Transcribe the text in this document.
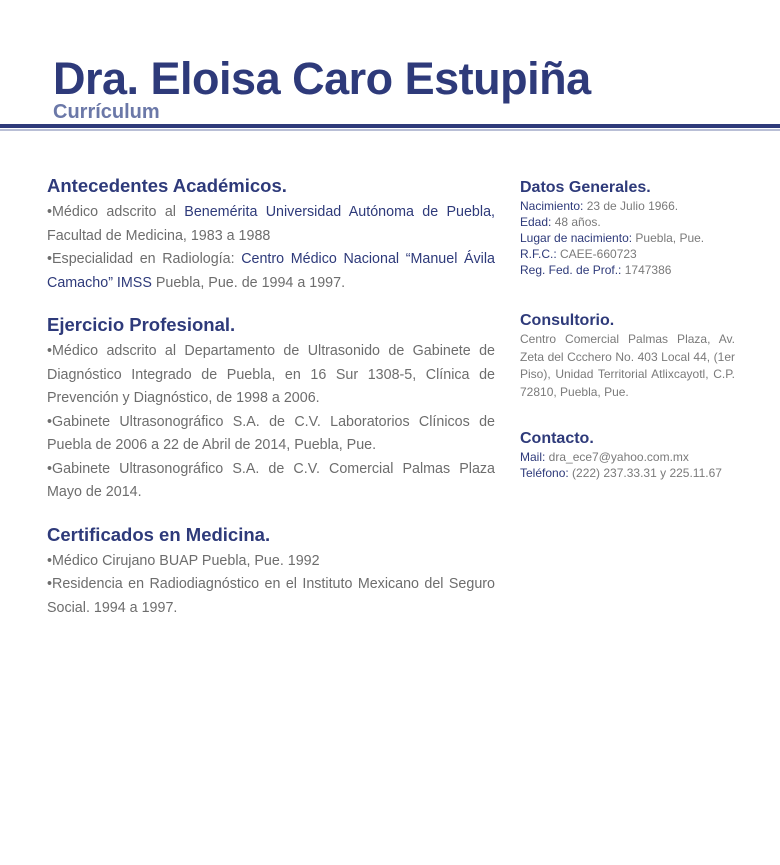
Dra. Eloisa Caro Estupiña
Currículum
Antecedentes Académicos.

•Médico adscrito al Benemérita Universidad Autónoma de Puebla, Facultad de Medicina, 1983 a 1988

•Especialidad en Radiología: Centro Médico Nacional “Manuel Ávila Camacho” IMSS Puebla, Pue. de 1994 a 1997.

Ejercicio Profesional.

•Médico adscrito al Departamento de Ultrasonido de Gabinete de Diagnóstico Integrado de Puebla, en 16 Sur 1308-5, Clínica de Prevención y Diagnóstico, de 1998 a 2006.

•Gabinete Ultrasonográfico S.A. de C.V. Laboratorios Clínicos de Puebla de 2006 a 22 de Abril de 2014, Puebla, Pue.

•Gabinete Ultrasonográfico S.A. de C.V. Comercial Palmas Plaza Mayo de 2014.

Certificados en Medicina.

•Médico Cirujano BUAP Puebla, Pue. 1992

•Residencia en Radiodiagnóstico en el Instituto Mexicano del Seguro Social. 1994 a 1997.

Datos Generales.

Nacimiento: 23 de Julio 1966.

Edad: 48 años.

Lugar de nacimiento: Puebla, Pue.

R.F.C.: CAEE-660723

Reg. Fed. de Prof.: 1747386

Consultorio.

Centro Comercial Palmas Plaza, Av. Zeta del Ccchero No. 403 Local 44, (1er Piso), Unidad Territorial Atlixcayotl, C.P. 72810, Puebla, Pue.

Contacto.

Mail: dra_ece7@yahoo.com.mx

Teléfono: (222) 237.33.31 y 225.11.67
